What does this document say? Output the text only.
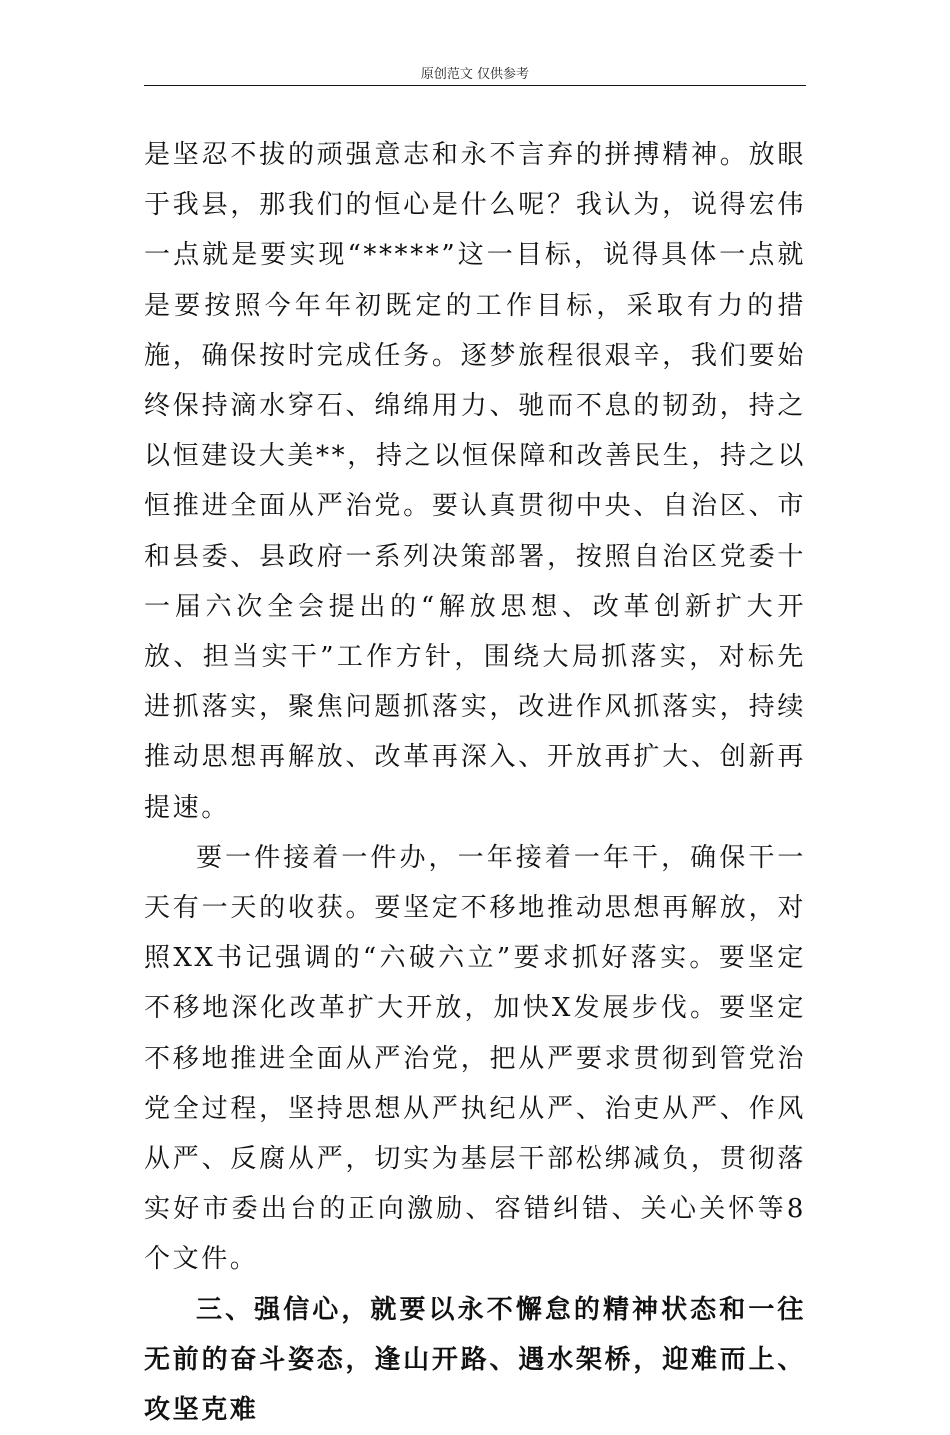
原创范文 仅供参考

是坚忍不拔的顽强意志和永不言弃的拼搏精神。放眼于我县，那我们的恒心是什么呢？我认为，说得宏伟一点就是要实现“*****”这一目标，说得具体一点就是要按照今年年初既定的工作目标，采取有力的措施，确保按时完成任务。逐梦旅程很艰辛，我们要始终保持滴水穿石、绵绵用力、驰而不息的韧劲，持之以恒建设大美**，持之以恒保障和改善民生，持之以恒推进全面从严治党。要认真贯彻中央、自治区、市和县委、县政府一系列决策部署，按照自治区党委十一届六次全会提出的“解放思想、改革创新扩大开放、担当实干”工作方针，围绕大局抓落实，对标先进抓落实，聚焦问题抓落实，改进作风抓落实，持续推动思想再解放、改革再深入、开放再扩大、创新再提速。

要一件接着一件办，一年接着一年干，确保干一天有一天的收获。要坚定不移地推动思想再解放，对照XX书记强调的“六破六立”要求抓好落实。要坚定不移地深化改革扩大开放，加快X发展步伐。要坚定不移地推进全面从严治党，把从严要求贯彻到管党治党全过程，坚持思想从严执纪从严、治吏从严、作风从严、反腐从严，切实为基层干部松绑减负，贯彻落实好市委出台的正向激励、容错纠错、关心关怀等8个文件。

三、强信心，就要以永不懈怠的精神状态和一往无前的奋斗姿态，逢山开路、遇水架桥，迎难而上、攻坚克难
